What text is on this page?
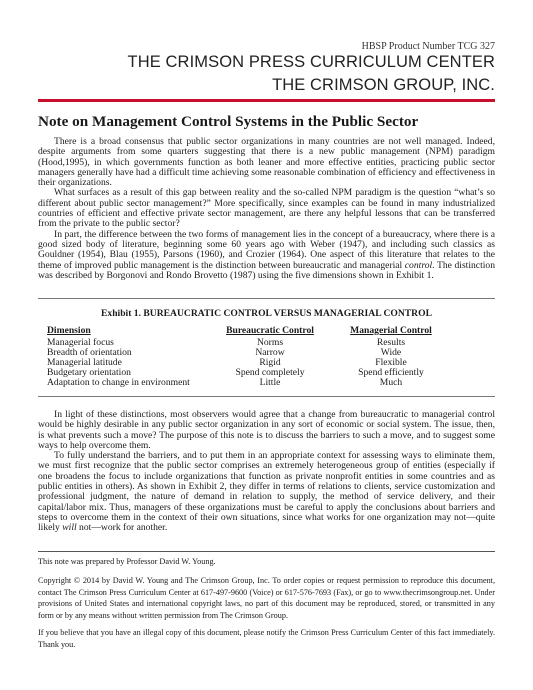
HBSP Product Number TCG 327
THE CRIMSON PRESS CURRICULUM CENTER
THE CRIMSON GROUP, INC.
Note on Management Control Systems in the Public Sector

There is a broad consensus that public sector organizations in many countries are not well managed. Indeed, despite arguments from some quarters suggesting that there is a new public management (NPM) paradigm (Hood,1995), in which governments function as both leaner and more effective entities, practicing public sector managers generally have had a difficult time achieving some reasonable combination of efficiency and effectiveness in their organizations.

What surfaces as a result of this gap between reality and the so-called NPM paradigm is the question “what’s so different about public sector management?” More specifically, since examples can be found in many industrialized countries of efficient and effective private sector management, are there any helpful lessons that can be transferred from the private to the public sector?

In part, the difference between the two forms of management lies in the concept of a bureaucracy, where there is a good sized body of literature, beginning some 60 years ago with Weber (1947), and including such classics as Gouldner (1954), Blau (1955), Parsons (1960), and Crozier (1964). One aspect of this literature that relates to the theme of improved public management is the distinction between bureaucratic and managerial control. The distinction was described by Borgonovi and Rondo Brovetto (1987) using the five dimensions shown in Exhibit 1.

Exhibit 1. BUREAUCRATIC CONTROL VERSUS MANAGERIAL CONTROL
Dimension	Bureaucratic Control	Managerial Control
Managerial focus	Norms	Results
Breadth of orientation	Narrow	Wide
Managerial latitude	Rigid	Flexible
Budgetary orientation	Spend completely	Spend efficiently
Adaptation to change in environment	Little	Much

In light of these distinctions, most observers would agree that a change from bureaucratic to managerial control would be highly desirable in any public sector organization in any sort of economic or social system. The issue, then, is what prevents such a move? The purpose of this note is to discuss the barriers to such a move, and to suggest some ways to help overcome them.

To fully understand the barriers, and to put them in an appropriate context for assessing ways to eliminate them, we must first recognize that the public sector comprises an extremely heterogeneous group of entities (especially if one broadens the focus to include organizations that function as private nonprofit entities in some countries and as public entities in others). As shown in Exhibit 2, they differ in terms of relations to clients, service customization and professional judgment, the nature of demand in relation to supply, the method of service delivery, and their capital/labor mix. Thus, managers of these organizations must be careful to apply the conclusions about barriers and steps to overcome them in the context of their own situations, since what works for one organization may not—quite likely will not—work for another.

This note was prepared by Professor David W. Young.
Copyright © 2014 by David W. Young and The Crimson Group, Inc. To order copies or request permission to reproduce this document, contact The Crimson Press Curriculum Center at 617-497-9600 (Voice) or 617-576-7693 (Fax), or go to www.thecrimsongroup.net. Under provisions of United States and international copyright laws, no part of this document may be reproduced, stored, or transmitted in any form or by any means without written permission from The Crimson Group.
If you believe that you have an illegal copy of this document, please notify the Crimson Press Curriculum Center of this fact immediately. Thank you.
